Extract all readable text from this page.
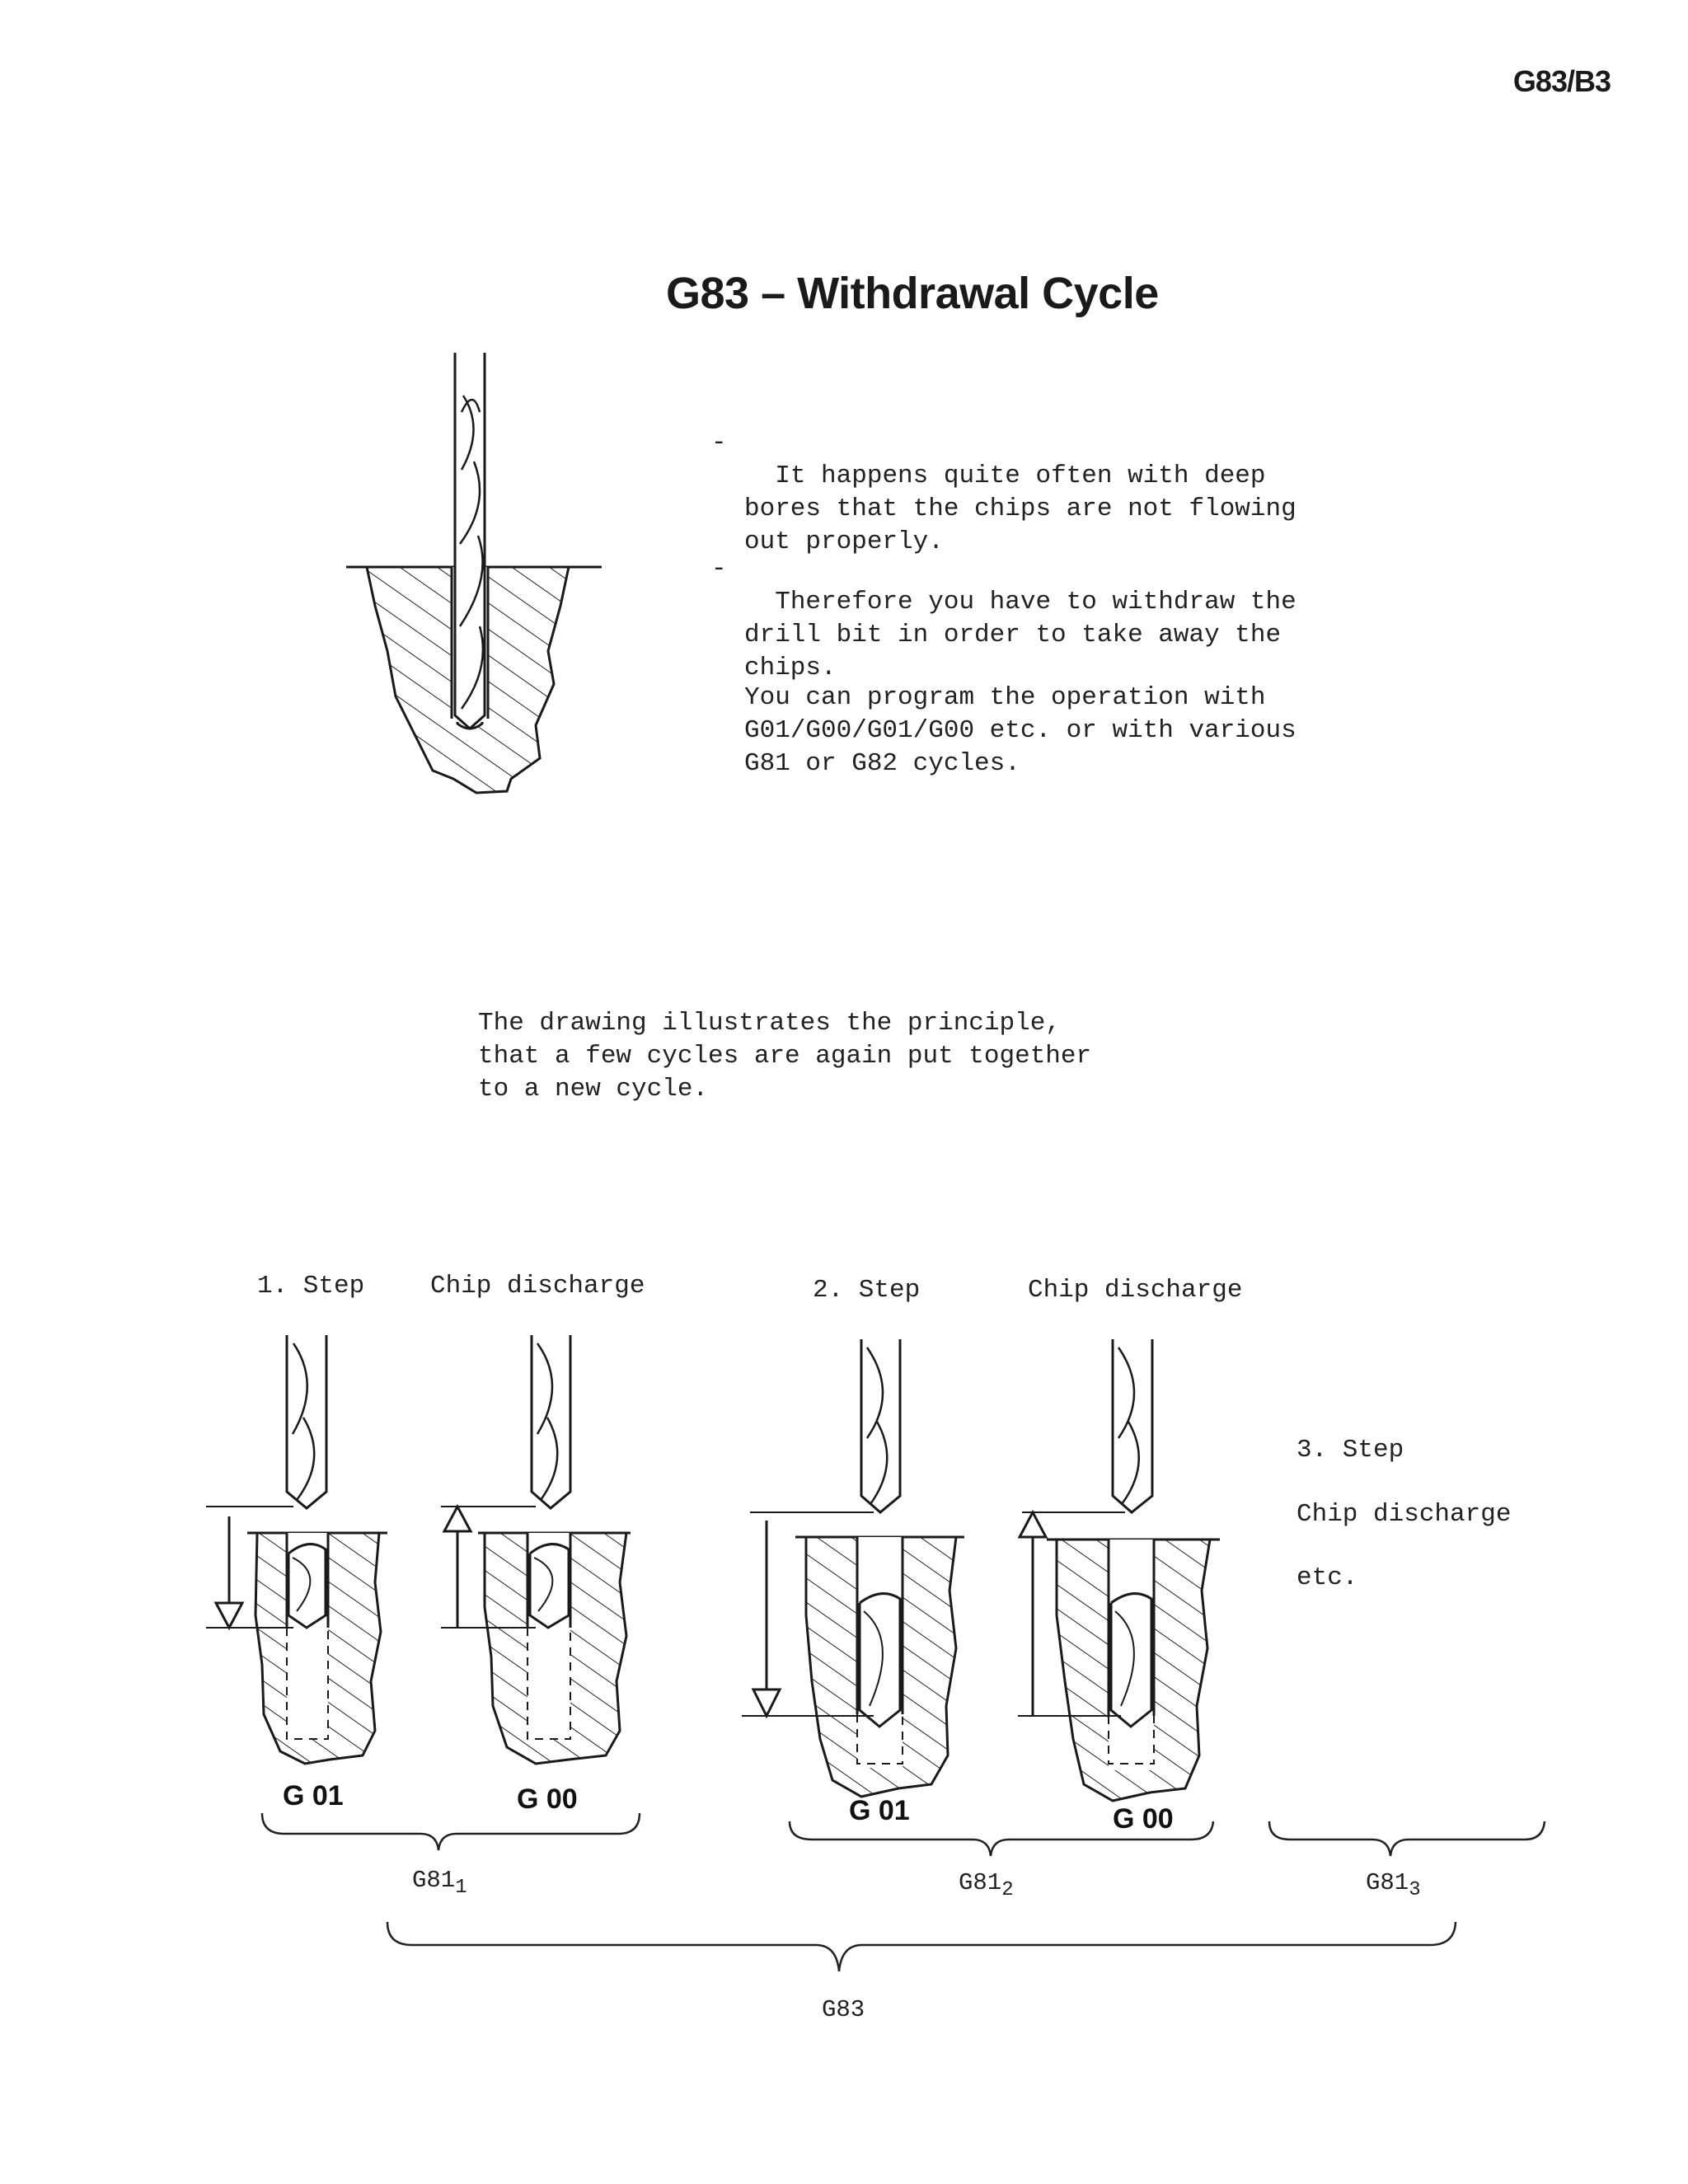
G83/B3
G83 – Withdrawal Cycle

-
It happens quite often with deep
bores that the chips are not flowing
out properly.

-
Therefore you have to withdraw the
drill bit in order to take away the
chips.

You can program the operation with
G01/G00/G01/G00 etc. or with various
G81 or G82 cycles.
The drawing illustrates the principle,
that a few cycles are again put together
to a new cycle.
1. Step	Chip discharge	2. Step	Chip discharge
3. Step
Chip discharge
etc.
G 01	G 00	G 01	G 00
$G81_1$	$G81_2$	$G81_3$
G83
